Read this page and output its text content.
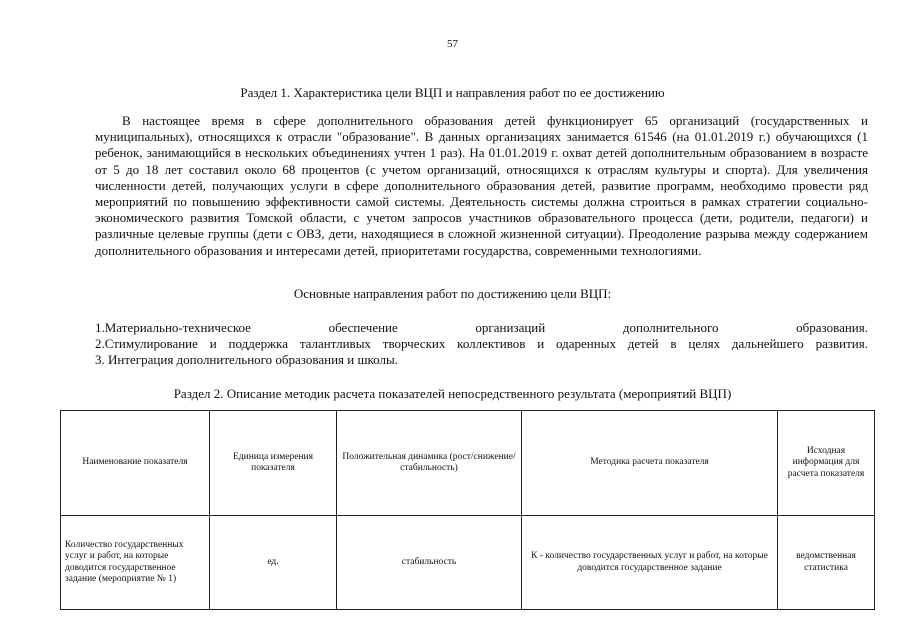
57
Раздел 1. Характеристика цели ВЦП и направления работ по ее достижению

В настоящее время в сфере дополнительного образования детей функционирует 65 организаций (государственных и муниципальных), относящихся к отрасли "образование". В данных организациях занимается 61546 (на 01.01.2019 г.) обучающихся (1 ребенок, занимающийся в нескольких объединениях учтен 1 раз). На 01.01.2019 г. охват детей дополнительным образованием в возрасте от 5 до 18 лет составил около 68 процентов (с учетом организаций, относящихся к отраслям культуры и спорта). Для увеличения численности детей, получающих услуги в сфере дополнительного образования детей, развитие программ, необходимо провести ряд мероприятий по повышению эффективности самой системы. Деятельность системы должна строиться в рамках стратегии социально-экономического развития Томской области, с учетом запросов участников образовательного процесса (дети, родители, педагоги) и различные целевые группы (дети с ОВЗ, дети, находящиеся в сложной жизненной ситуации). Преодоление разрыва между содержанием дополнительного образования и интересами детей, приоритетами государства, современными технологиями.

Основные направления работ по достижению цели ВЦП:
1.Материально-техническое обеспечение организаций дополнительного образования.
2.Стимулирование и поддержка талантливых творческих коллективов и одаренных детей в целях дальнейшего развития.
3. Интеграция дополнительного образования и школы.
Раздел 2. Описание методик расчета показателей непосредственного результата (мероприятий ВЦП)
Наименование показателя	Единица измерения показателя	Положительная динамика (рост/снижение/стабильность)	Методика расчета показателя	Исходная информация для расчета показателя
Количество государственных услуг и работ, на которые доводится государственное задание (мероприятие № 1)	ед.	стабильность	К - количество государственных услуг и работ, на которые доводится государственное задание	ведомственная статистика
